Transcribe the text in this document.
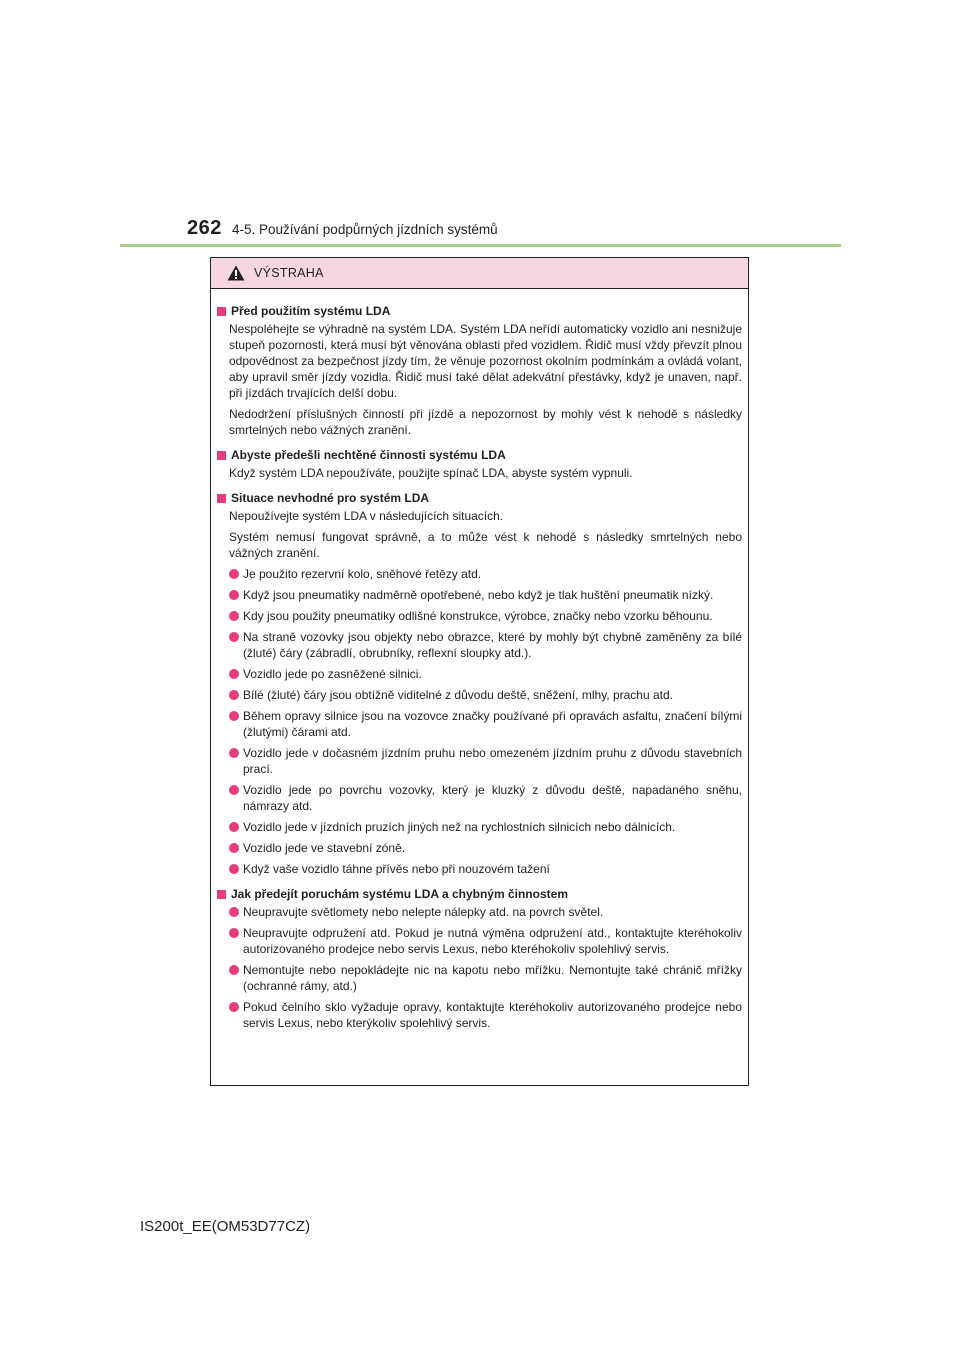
262 4-5. Používání podpůrných jízdních systémů
VÝSTRAHA
Před použitím systému LDA
Nespoléhejte se výhradně na systém LDA. Systém LDA neřídí automaticky vozidlo ani nesnižuje stupeň pozornosti, která musí být věnována oblasti před vozidlem. Řidič musí vždy převzít plnou odpovědnost za bezpečnost jízdy tím, že věnuje pozornost okolním podmínkám a ovládá volant, aby upravil směr jízdy vozidla. Řidič musí také dělat adekvátní přestávky, když je unaven, např. při jízdách trvajících delší dobu.
Nedodržení příslušných činností při jízdě a nepozornost by mohly vést k nehodě s následky smrtelných nebo vážných zranění.
Abyste předešli nechtěné činnosti systému LDA
Když systém LDA nepoužíváte, použijte spínač LDA, abyste systém vypnuli.
Situace nevhodné pro systém LDA
Nepoužívejte systém LDA v následujících situacích.
Systém nemusí fungovat správně, a to může vést k nehodě s následky smrtelných nebo vážných zranění.
Je použito rezervní kolo, sněhové řetězy atd.
Když jsou pneumatiky nadměrně opotřebené, nebo když je tlak huštění pneumatik nízký.
Kdy jsou použity pneumatiky odlišné konstrukce, výrobce, značky nebo vzorku běhounu.
Na straně vozovky jsou objekty nebo obrazce, které by mohly být chybně zaměněny za bílé (žluté) čáry (zábradlí, obrubníky, reflexní sloupky atd.).
Vozidlo jede po zasněžené silnici.
Bílé (žluté) čáry jsou obtížně viditelné z důvodu deště, sněžení, mlhy, prachu atd.
Během opravy silnice jsou na vozovce značky používané při opravách asfaltu, značení bílými (žlutými) čárami atd.
Vozidlo jede v dočasném jízdním pruhu nebo omezeném jízdním pruhu z důvodu stavebních prací.
Vozidlo jede po povrchu vozovky, který je kluzký z důvodu deště, napadaného sněhu, námrazy atd.
Vozidlo jede v jízdních pruzích jiných než na rychlostních silnicích nebo dálnicích.
Vozidlo jede ve stavební zóně.
Když vaše vozidlo táhne přívěs nebo při nouzovém tažení
Jak předejít poruchám systému LDA a chybným činnostem
Neupravujte světlomety nebo nelepte nálepky atd. na povrch světel.
Neupravujte odpružení atd. Pokud je nutná výměna odpružení atd., kontaktujte kteréhokoliv autorizovaného prodejce nebo servis Lexus, nebo kteréhokoliv spolehlivý servis.
Nemontujte nebo nepokládejte nic na kapotu nebo mřížku. Nemontujte také chránič mřížky (ochranné rámy, atd.)
Pokud čelního sklo vyžaduje opravy, kontaktujte kteréhokoliv autorizovaného prodejce nebo servis Lexus, nebo kterýkoliv spolehlivý servis.
IS200t_EE(OM53D77CZ)
